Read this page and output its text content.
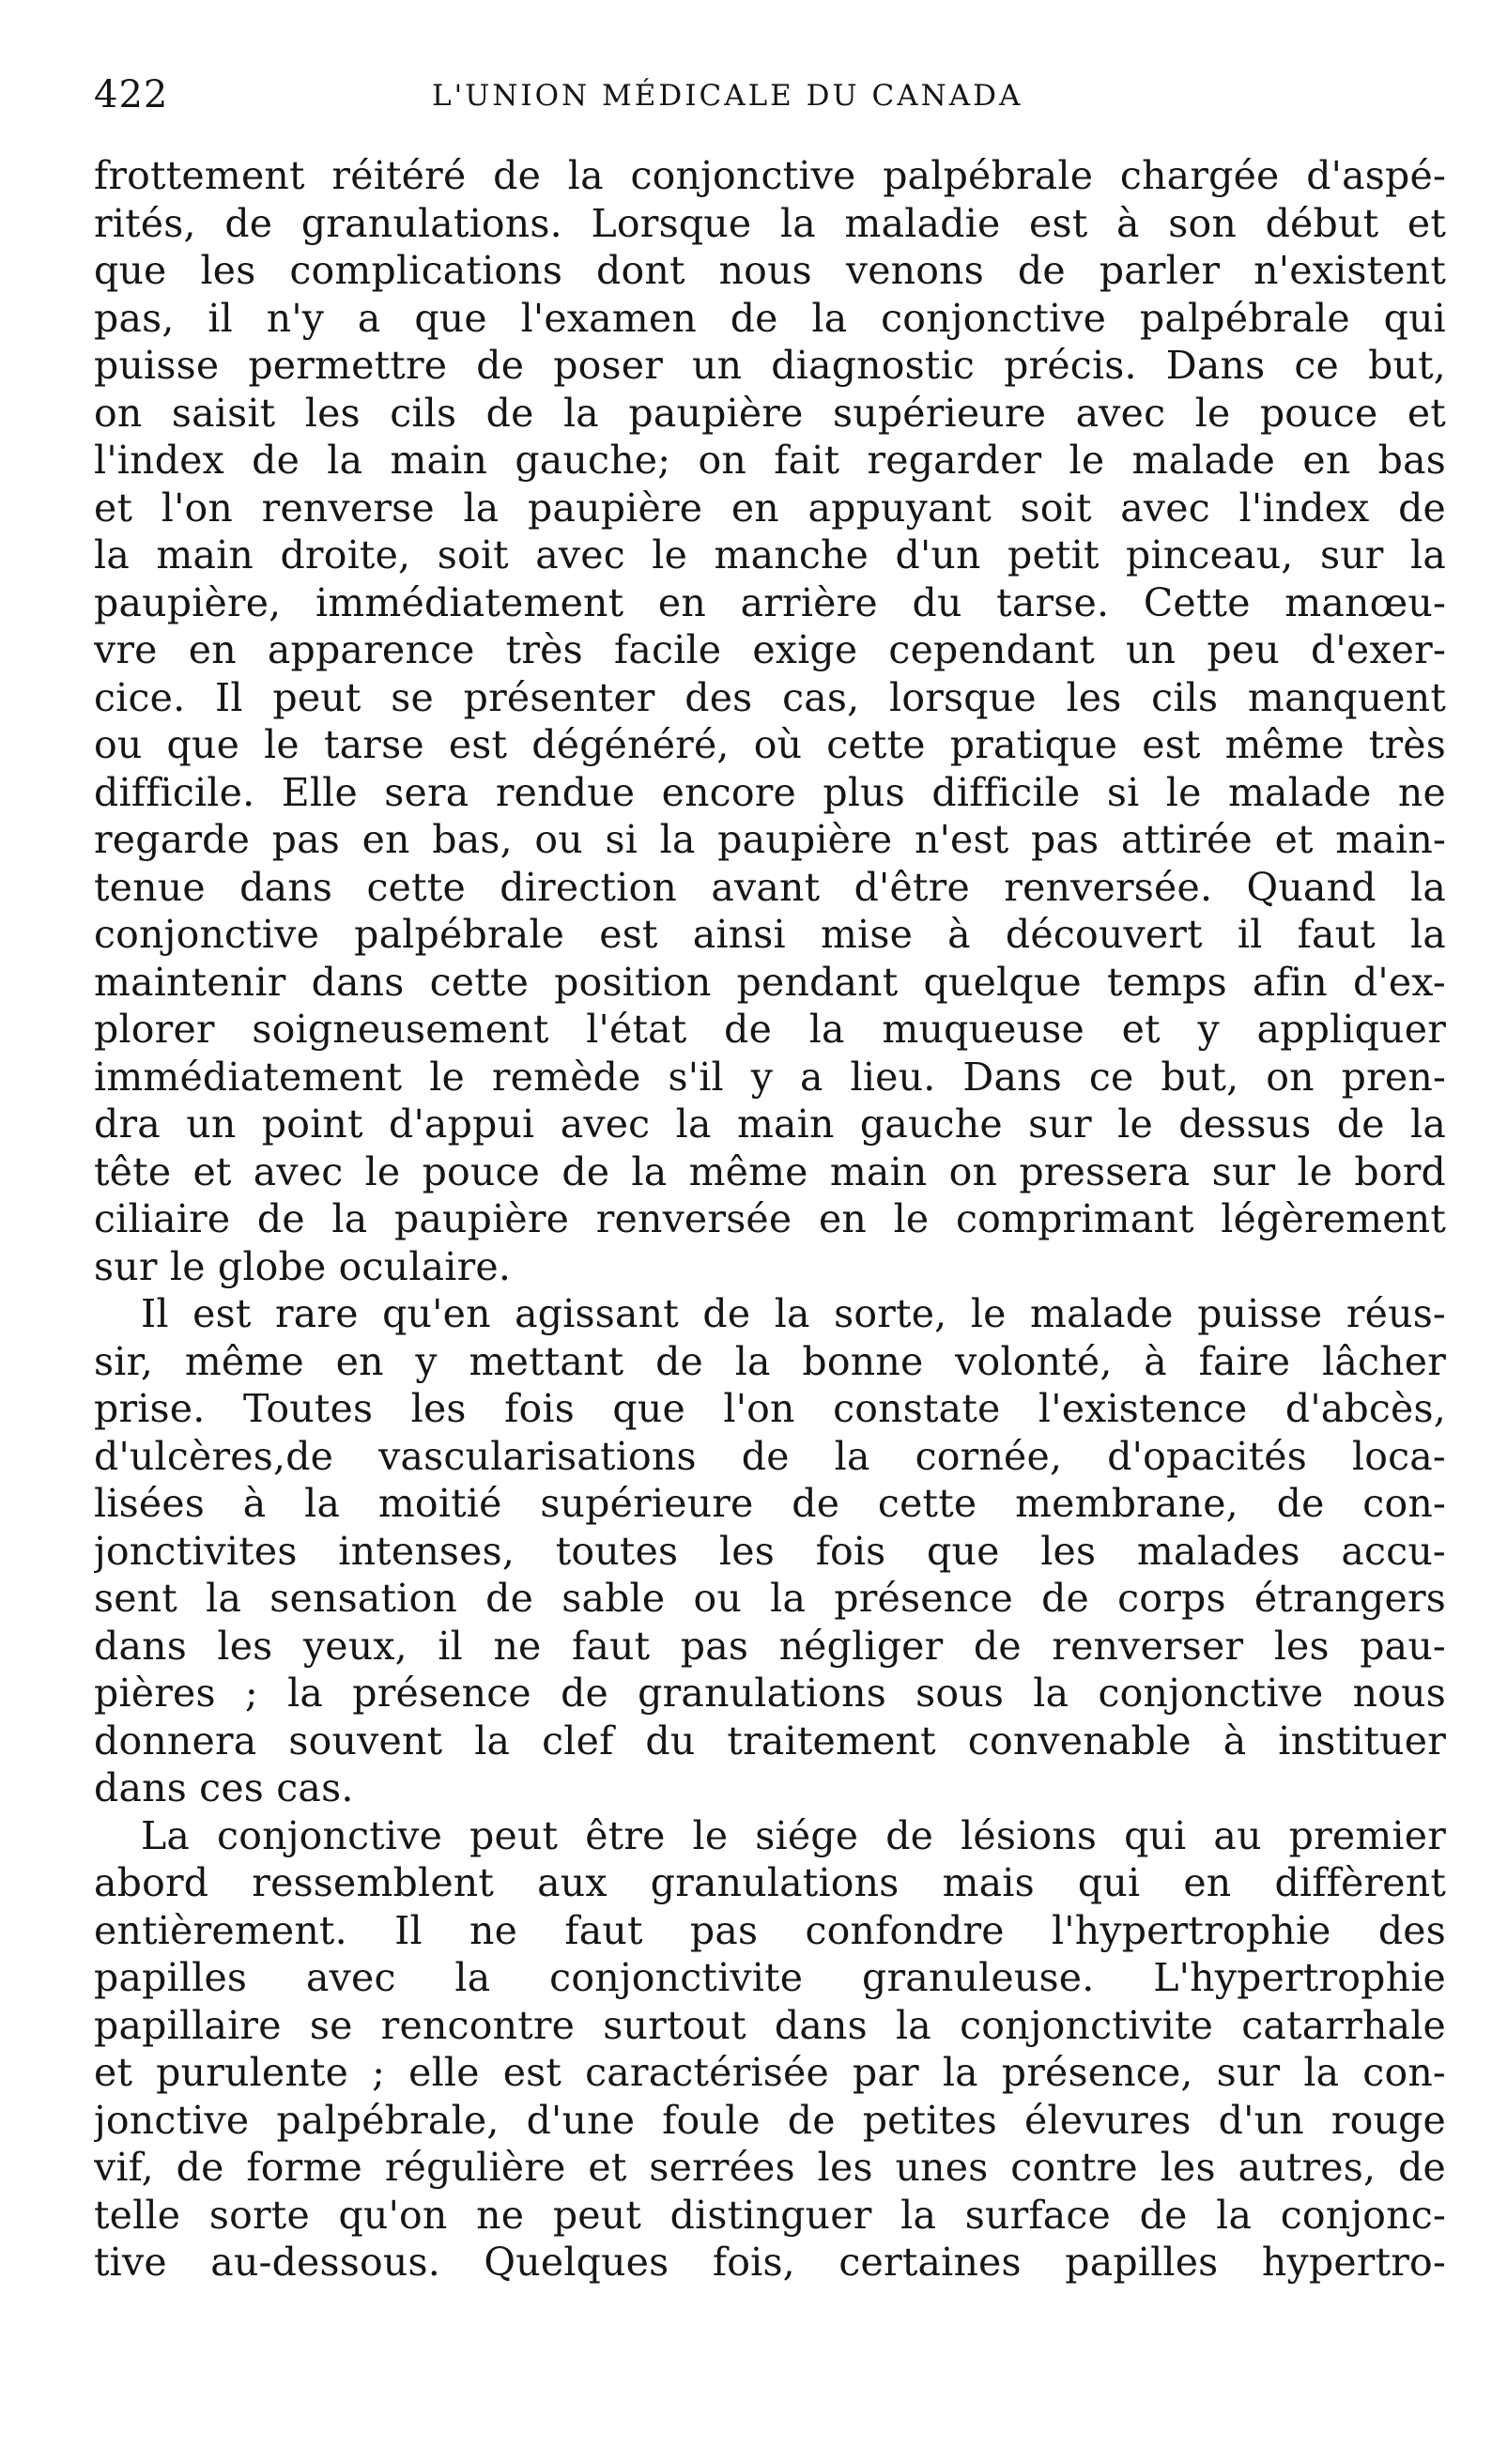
422	L'UNION MÉDICALE DU CANADA
frottement réitéré de la conjonctive palpébrale chargée d'aspé-
rités, de granulations. Lorsque la maladie est à son début et
que les complications dont nous venons de parler n'existent
pas, il n'y a que l'examen de la conjonctive palpébrale qui
puisse permettre de poser un diagnostic précis. Dans ce but,
on saisit les cils de la paupière supérieure avec le pouce et
l'index de la main gauche; on fait regarder le malade en bas
et l'on renverse la paupière en appuyant soit avec l'index de
la main droite, soit avec le manche d'un petit pinceau, sur la
paupière, immédiatement en arrière du tarse. Cette manœu-
vre en apparence très facile exige cependant un peu d'exer-
cice. Il peut se présenter des cas, lorsque les cils manquent
ou que le tarse est dégénéré, où cette pratique est même très
difficile. Elle sera rendue encore plus difficile si le malade ne
regarde pas en bas, ou si la paupière n'est pas attirée et main-
tenue dans cette direction avant d'être renversée. Quand la
conjonctive palpébrale est ainsi mise à découvert il faut la
maintenir dans cette position pendant quelque temps afin d'ex-
plorer soigneusement l'état de la muqueuse et y appliquer
immédiatement le remède s'il y a lieu. Dans ce but, on pren-
dra un point d'appui avec la main gauche sur le dessus de la
tête et avec le pouce de la même main on pressera sur le bord
ciliaire de la paupière renversée en le comprimant légèrement
sur le globe oculaire.
Il est rare qu'en agissant de la sorte, le malade puisse réus-
sir, même en y mettant de la bonne volonté, à faire lâcher
prise. Toutes les fois que l'on constate l'existence d'abcès,
d'ulcères,de vascularisations de la cornée, d'opacités loca-
lisées à la moitié supérieure de cette membrane, de con-
jonctivites intenses, toutes les fois que les malades accu-
sent la sensation de sable ou la présence de corps étrangers
dans les yeux, il ne faut pas négliger de renverser les pau-
pières ; la présence de granulations sous la conjonctive nous
donnera souvent la clef du traitement convenable à instituer
dans ces cas.
La conjonctive peut être le siége de lésions qui au premier
abord ressemblent aux granulations mais qui en diffèrent
entièrement. Il ne faut pas confondre l'hypertrophie des
papilles avec la conjonctivite granuleuse. L'hypertrophie
papillaire se rencontre surtout dans la conjonctivite catarrhale
et purulente ; elle est caractérisée par la présence, sur la con-
jonctive palpébrale, d'une foule de petites élevures d'un rouge
vif, de forme régulière et serrées les unes contre les autres, de
telle sorte qu'on ne peut distinguer la surface de la conjonc-
tive au-dessous. Quelques fois, certaines papilles hypertro-
